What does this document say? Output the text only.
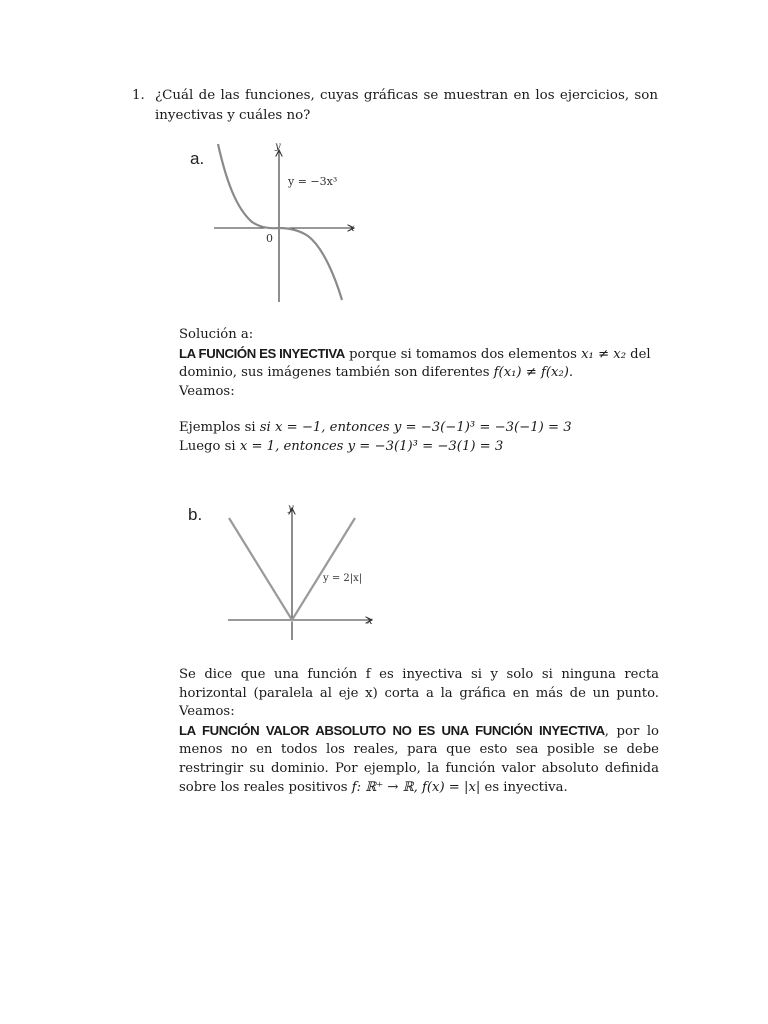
1. ¿Cuál de las funciones, cuyas gráficas se muestran en los ejercicios, son inyectivas y cuáles no?
a.
y
x
0
y = −3x³
Solución a:
LA FUNCIÓN ES INYECTIVA porque si tomamos dos elementos x₁ ≠ x₂ del
dominio, sus imágenes también son diferentes f(x₁) ≠ f(x₂).
Veamos:
Ejemplos si si x = −1, entonces y = −3(−1)³ = −3(−1) = 3
Luego si x = 1, entonces y = −3(1)³ = −3(1) = 3
b.	y
x
y = 2|x|
Se dice que una función f es inyectiva si y solo si ninguna recta horizontal (paralela al eje x) corta a la gráfica en más de un punto. Veamos:
LA FUNCIÓN VALOR ABSOLUTO NO ES UNA FUNCIÓN INYECTIVA, por lo menos no en todos los reales, para que esto sea posible se debe restringir su dominio. Por ejemplo, la función valor absoluto definida sobre los reales positivos f: ℝ⁺ → ℝ, f(x) = |x| es inyectiva.
